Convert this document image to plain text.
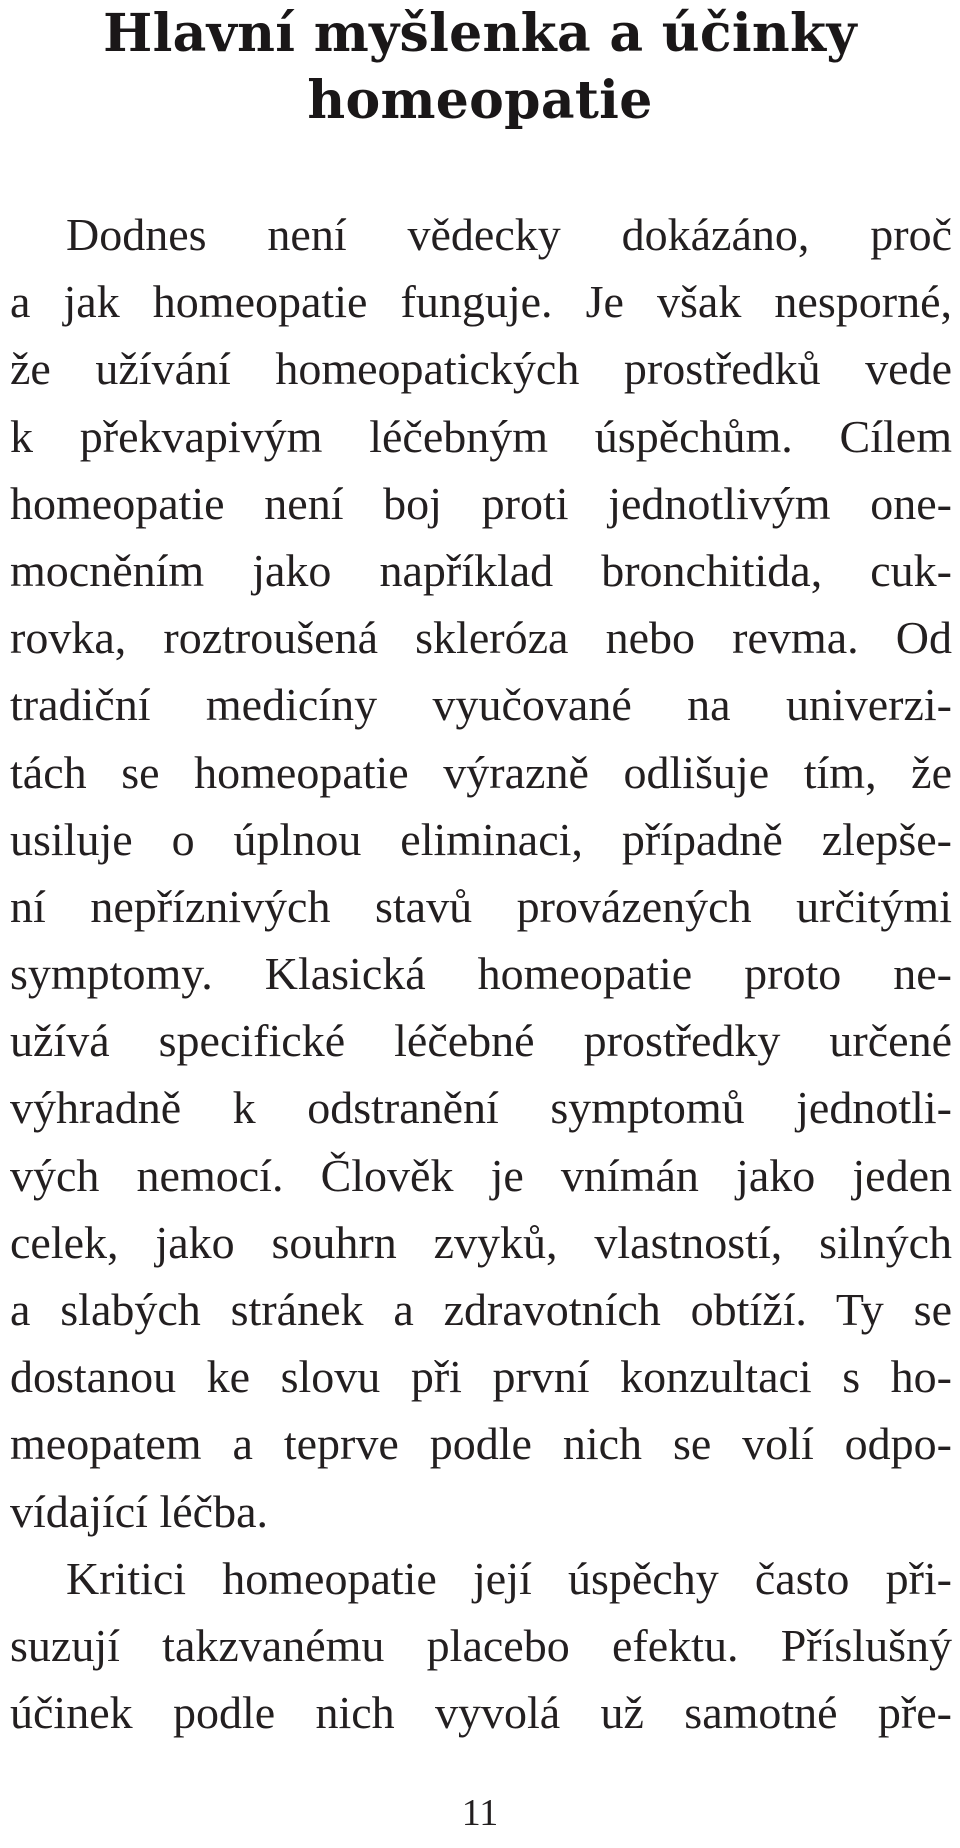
Hlavní myšlenka a účinky
homeopatie
Dodnes není vědecky dokázáno, proč
a jak homeopatie funguje. Je však nesporné,
že užívání homeopatických prostředků vede
k překvapivým léčebným úspěchům. Cílem
homeopatie není boj proti jednotlivým one-
mocněním jako například bronchitida, cuk-
rovka, roztroušená skleróza nebo revma. Od
tradiční medicíny vyučované na univerzi-
tách se homeopatie výrazně odlišuje tím, že
usiluje o úplnou eliminaci, případně zlepše-
ní nepříznivých stavů provázených určitými
symptomy. Klasická homeopatie proto ne-
užívá specifické léčebné prostředky určené
výhradně k odstranění symptomů jednotli-
vých nemocí. Člověk je vnímán jako jeden
celek, jako souhrn zvyků, vlastností, silných
a slabých stránek a zdravotních obtíží. Ty se
dostanou ke slovu při první konzultaci s ho-
meopatem a teprve podle nich se volí odpo-
vídající léčba.
Kritici homeopatie její úspěchy často při-
suzují takzvanému placebo efektu. Příslušný
účinek podle nich vyvolá už samotné pře-
11
